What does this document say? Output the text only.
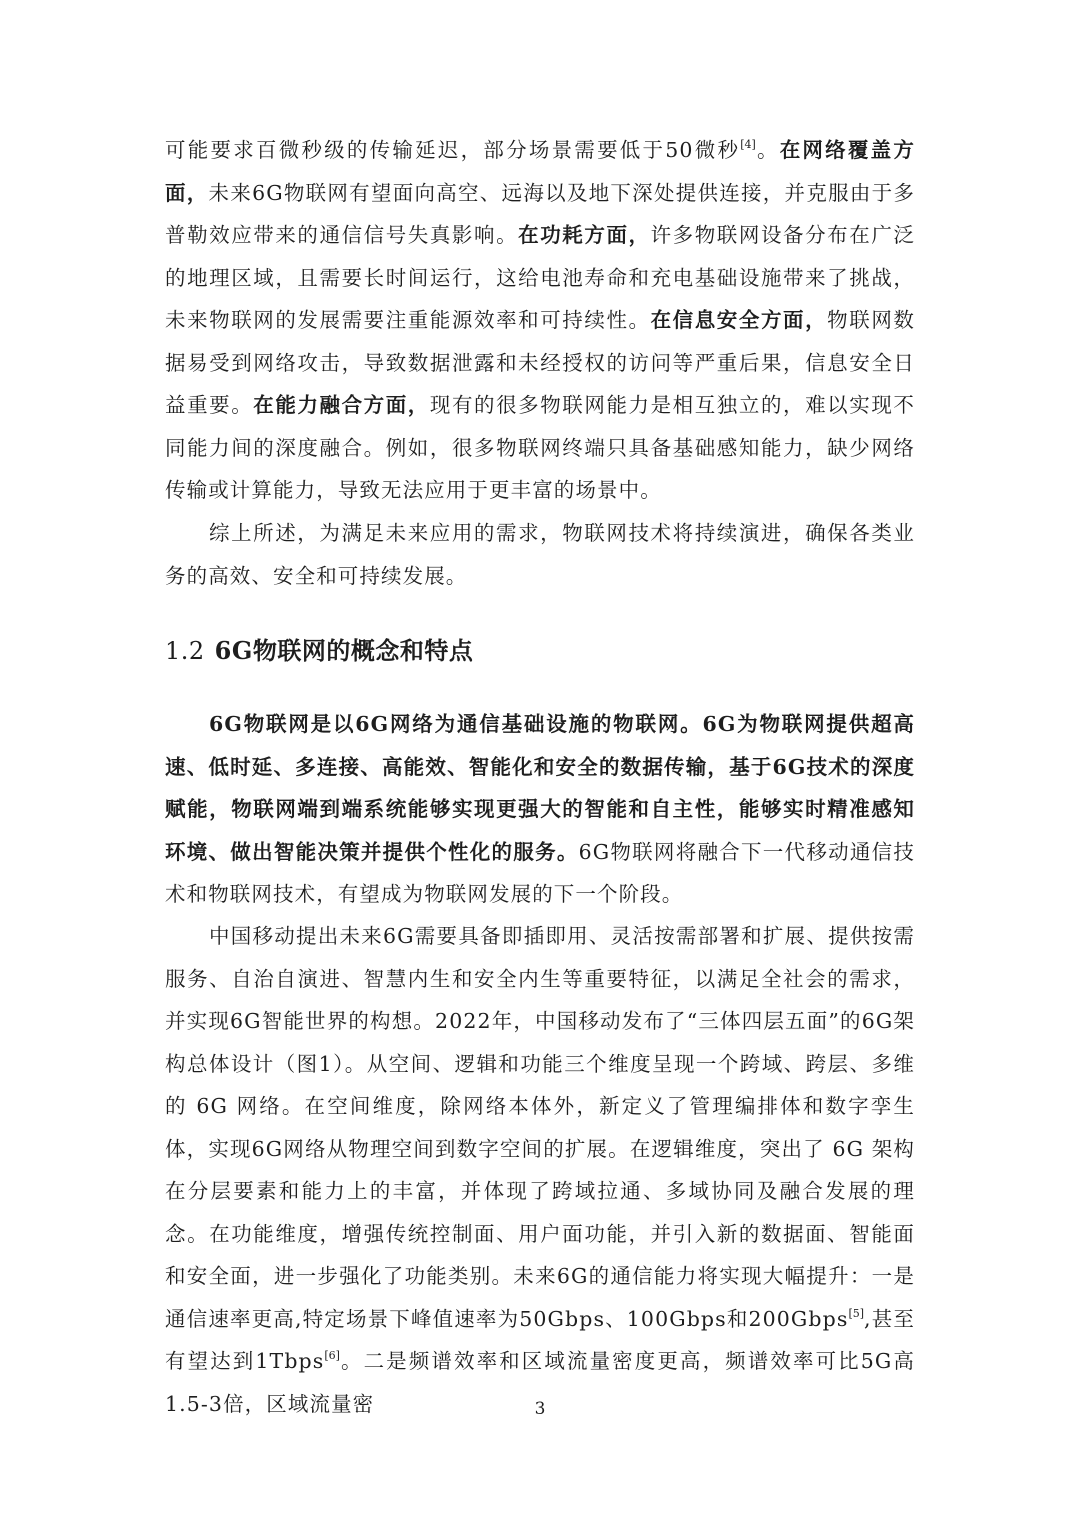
可能要求百微秒级的传输延迟，部分场景需要低于50微秒[4]。在网络覆盖方面，未来6G物联网有望面向高空、远海以及地下深处提供连接，并克服由于多普勒效应带来的通信信号失真影响。在功耗方面，许多物联网设备分布在广泛的地理区域，且需要长时间运行，这给电池寿命和充电基础设施带来了挑战，未来物联网的发展需要注重能源效率和可持续性。在信息安全方面，物联网数据易受到网络攻击，导致数据泄露和未经授权的访问等严重后果，信息安全日益重要。在能力融合方面，现有的很多物联网能力是相互独立的，难以实现不同能力间的深度融合。例如，很多物联网终端只具备基础感知能力，缺少网络传输或计算能力，导致无法应用于更丰富的场景中。

综上所述，为满足未来应用的需求，物联网技术将持续演进，确保各类业务的高效、安全和可持续发展。

1.2 6G物联网的概念和特点

6G物联网是以6G网络为通信基础设施的物联网。6G为物联网提供超高速、低时延、多连接、高能效、智能化和安全的数据传输，基于6G技术的深度赋能，物联网端到端系统能够实现更强大的智能和自主性，能够实时精准感知环境、做出智能决策并提供个性化的服务。6G物联网将融合下一代移动通信技术和物联网技术，有望成为物联网发展的下一个阶段。

中国移动提出未来6G需要具备即插即用、灵活按需部署和扩展、提供按需服务、自治自演进、智慧内生和安全内生等重要特征，以满足全社会的需求，并实现6G智能世界的构想。2022年，中国移动发布了“三体四层五面”的6G架构总体设计（图1）。从空间、逻辑和功能三个维度呈现一个跨域、跨层、多维的 6G 网络。在空间维度，除网络本体外，新定义了管理编排体和数字孪生体，实现6G网络从物理空间到数字空间的扩展。在逻辑维度，突出了 6G 架构在分层要素和能力上的丰富，并体现了跨域拉通、多域协同及融合发展的理念。在功能维度，增强传统控制面、用户面功能，并引入新的数据面、智能面和安全面，进一步强化了功能类别。未来6G的通信能力将实现大幅提升：一是通信速率更高,特定场景下峰值速率为50Gbps、100Gbps和200Gbps[5],甚至有望达到1Tbps[6]。二是频谱效率和区域流量密度更高，频谱效率可比5G高1.5-3倍，区域流量密	3
